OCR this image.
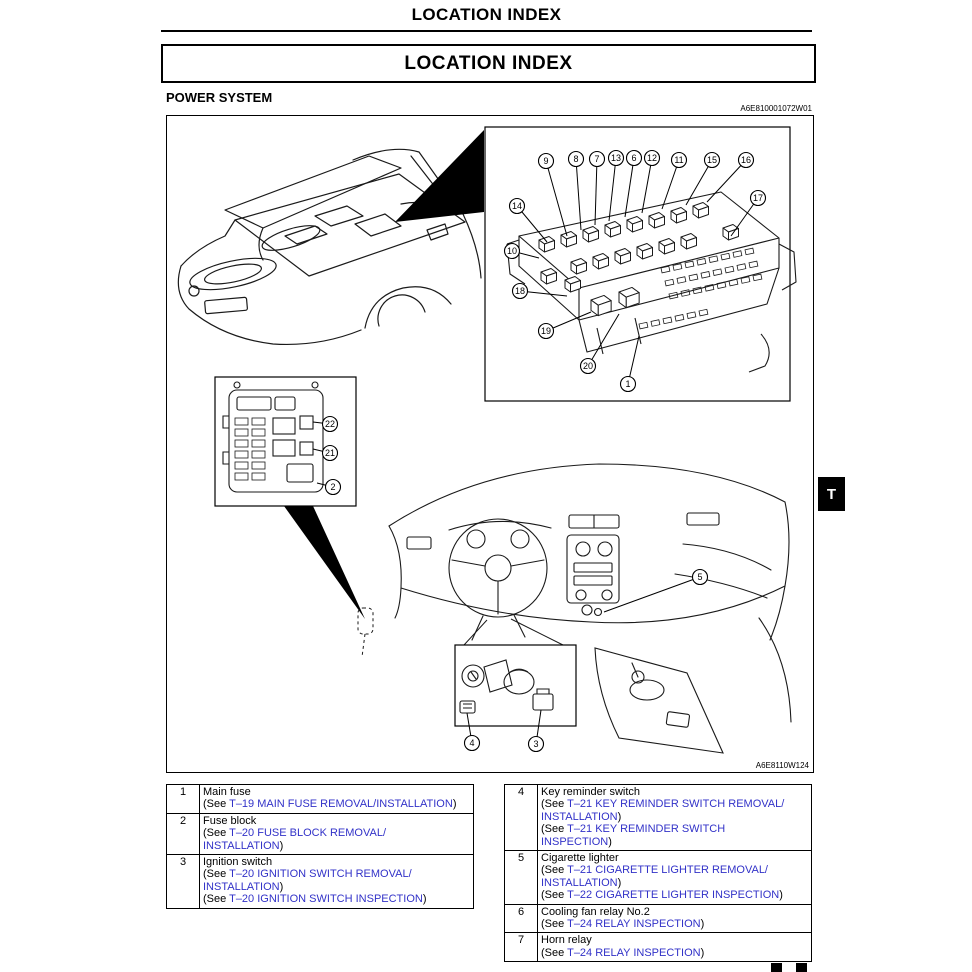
LOCATION INDEX
LOCATION INDEX
POWER SYSTEM
A6E810001072W01
9	8 7 13 6 12 11	15	16
14
17
10
18
19
20
1
22
21
2
5
4	3
A6E8110W124
T
1	Main fuse
(See T–19 MAIN FUSE REMOVAL/INSTALLATION)

2	Fuse block
(See T–20 FUSE BLOCK REMOVAL/
INSTALLATION)

3	Ignition switch
(See T–20 IGNITION SWITCH REMOVAL/
INSTALLATION)
(See T–20 IGNITION SWITCH INSPECTION)
4	Key reminder switch
(See T–21 KEY REMINDER SWITCH REMOVAL/
INSTALLATION)
(See T–21 KEY REMINDER SWITCH
INSPECTION)

5	Cigarette lighter
(See T–21 CIGARETTE LIGHTER REMOVAL/
INSTALLATION)
(See T–22 CIGARETTE LIGHTER INSPECTION)

6	Cooling fan relay No.2
(See T–24 RELAY INSPECTION)

7	Horn relay
(See T–24 RELAY INSPECTION)
